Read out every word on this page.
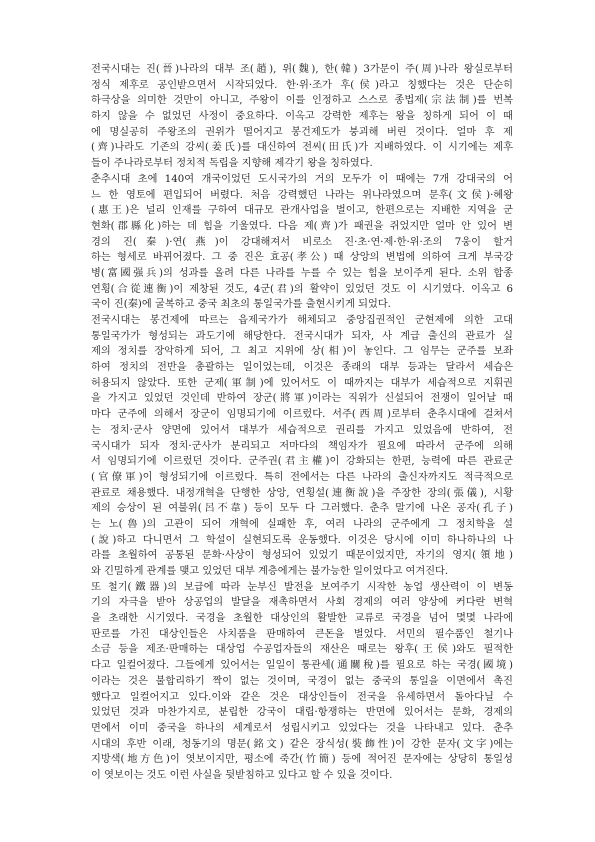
전국시대는 진(晉)나라의 대부 조(趙), 위(魏), 한(韓) 3가문이 주(周)나라 왕실로부터
정식 제후로 공인받으면서 시작되었다. 한·위·조가 후(侯)라고 칭했다는 것은 단순히
하극상을 의미한 것만이 아니고, 주왕이 이를 인정하고 스스로 종법제(宗法制)를 번복
하지 않을 수 없었던 사정이 중요하다. 이옥고 강력한 제후는 왕을 칭하게 되어 이 때
에 명실공히 주왕조의 권위가 떨어지고 봉건제도가 붕괴해 버린 것이다. 얼마 후 제
(齊)나라도 기존의 강씨(姜氏)를 대신하여 전씨(田氏)가 지배하였다. 이 시기에는 제후
들이 주나라로부터 정치적 독립을 지향해 제각기 왕을 칭하였다.
춘추시대 초에 140여 개국이었던 도시국가의 거의 모두가 이 때에는 7개 강대국의 어
느 한 영토에 편입되어 버렸다. 처음 강력했던 나라는 위나라였으며 문후(文侯)·혜왕
(惠王)은 널리 인재를 구하여 대규모 관개사업을 벌이고, 한편으로는 지배한 지역을 군
현화(郡縣化)하는 데 힘을 기울였다. 다음 제(齊)가 패권을 쥐었지만 얼마 안 있어 변
경의 진(秦)·연(燕)이 강대해져서 비로소 진·초·연·제·한·위·조의 7웅이 할거
하는 형세로 바뀌어졌다. 그 중 진은 효공(孝公) 때 상앙의 변법에 의하여 크게 부국강
병(富國强兵)의 성과를 올려 다른 나라를 누를 수 있는 힘을 보이주게 된다. 소위 합종
연횡(合從連衡)이 제창된 것도, 4군(君)의 활약이 있었던 것도 이 시기였다. 이옥고 6
국이 진(秦)에 굴복하고 중국 최초의 통일국가를 출현시키게 되었다.
전국시대는 봉건제에 따르는 읍제국가가 해체되고 중앙집권적인 군현제에 의한 고대
통일국가가 형성되는 과도기에 해당한다. 전국시대가 되자, 사 계급 출신의 관료가 실
제의 정치를 장악하게 되어, 그 최고 지위에 상(相)이 놓인다. 그 임무는 군주를 보좌
하여 정치의 전반을 총괄하는 일이었는데, 이것은 종래의 대부 등과는 달라서 세습은
허용되지 않았다. 또한 군제(軍制)에 있어서도 이 때까지는 대부가 세습적으로 지휘권
을 가지고 있었던 것인데 반하여 장군(將軍)이라는 직위가 신설되어 전쟁이 일어날 때
마다 군주에 의해서 장군이 임명되기에 이르렀다. 서주(西周)로부터 춘추시대에 걸쳐서
는 정치·군사 양면에 있어서 대부가 세습적으로 권리를 가지고 있었음에 반하여, 전
국시대가 되자 정치·군사가 분리되고 저마다의 책임자가 필요에 따라서 군주에 의해
서 임명되기에 이르렀던 것이다. 군주권(君主權)이 강화되는 한편, 능력에 따른 관료군
(官僚軍)이 형성되기에 이르렀다. 특히 전에서는 다른 나라의 출신자까지도 적극적으로
관료로 채용했다. 내정개혁을 단행한 상앙, 연횡설(連衡說)을 주장한 장의(張儀), 시황
제의 승상이 된 여불위(呂不韋) 등이 모두 다 그러했다. 춘추 말기에 나온 공자(孔子)
는 노(魯)의 고관이 되어 개혁에 실패한 후, 여러 나라의 군주에게 그 정치학을 설
(說)하고 다니면서 그 학설이 실현되도록 운동했다. 이것은 당시에 이미 하나하나의 나
라를 초월하여 공통된 문화·사상이 형성되어 있었기 때문이었지만, 자기의 영지(領地)
와 긴밀하게 관계를 맺고 있었던 대부 계층에게는 불가능한 일이었다고 여겨진다.
또 철기(鐵器)의 보급에 따라 눈부신 발전을 보여주기 시작한 농업 생산력이 이 변동
기의 자극을 받아 상공업의 발달을 재촉하면서 사회 경제의 여러 양상에 커다란 변혁
을 초래한 시기였다. 국경을 초월한 대상인의 활발한 교류로 국경을 넘어 몇몇 나라에
판로를 가진 대상인들은 사치품을 판매하여 큰돈을 벌었다. 서민의 필수품인 철기나
소금 등을 제조·판매하는 대상업 수공업자들의 재산은 때로는 왕후(王侯)와도 필적한
다고 일컬어졌다. 그들에게 있어서는 일일이 통관세(通關稅)를 필요로 하는 국경(國境)
이라는 것은 불합리하기 짝이 없는 것이며, 국경이 없는 중국의 통일을 이면에서 촉진
했다고 일컬어지고 있다.이와 같은 것은 대상인들이 전국을 유세하면서 돌아다닐 수
있었던 것과 마찬가지로, 분립한 강국이 대립·항쟁하는 반면에 있어서는 문화, 경제의
면에서 이미 중국을 하나의 세계로서 성립시키고 있었다는 것을 나타내고 있다. 춘추
시대의 후반 이래, 청동기의 명문(銘文) 같은 장식성(裝飾性)이 강한 문자(文字)에는
지방색(地方色)이 엿보이지만, 평소에 죽간(竹簡) 등에 적어진 문자에는 상당히 통일성
이 엿보이는 것도 이런 사실을 뒷받침하고 있다고 할 수 있을 것이다.
